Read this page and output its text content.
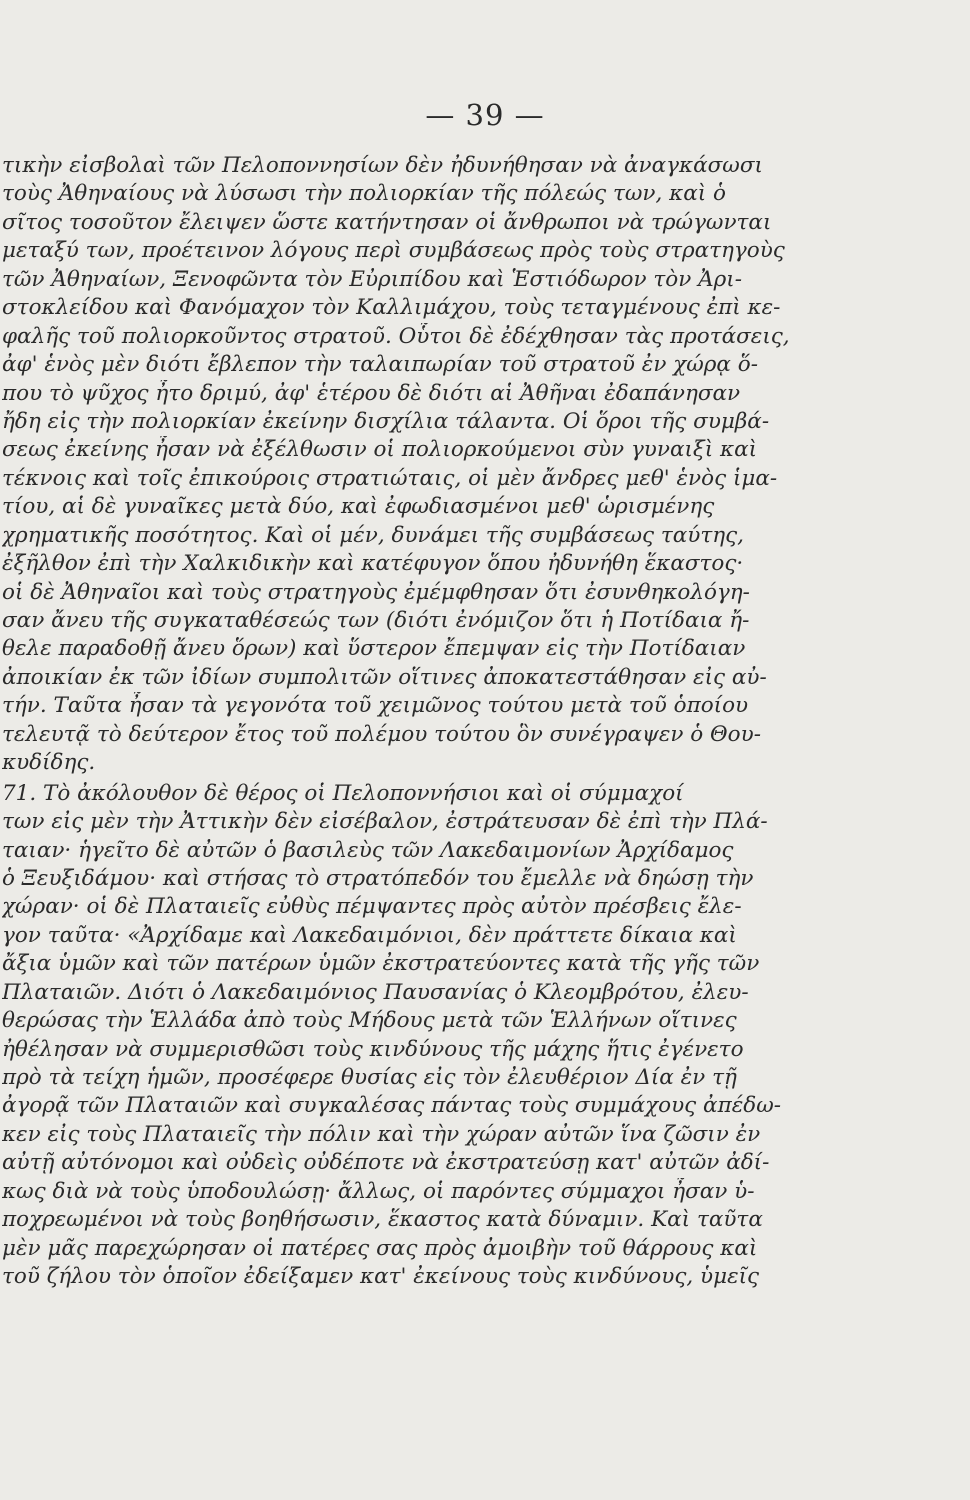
— 39 —
τικὴν εἰσβολαὶ τῶν Πελοποννησίων δὲν ἠδυνήθησαν νὰ ἀναγκάσωσι
τοὺς Ἀθηναίους νὰ λύσωσι τὴν πολιορκίαν τῆς πόλεώς των, καὶ ὁ
σῖτος τοσοῦτον ἔλειψεν ὥστε κατήντησαν οἱ ἄνθρωποι νὰ τρώγωνται
μεταξύ των, προέτεινον λόγους περὶ συμβάσεως πρὸς τοὺς στρατηγοὺς
τῶν Ἀθηναίων, Ξενοφῶντα τὸν Εὐριπίδου καὶ Ἑστιόδωρον τὸν Ἀρι-
στοκλείδου καὶ Φανόμαχον τὸν Καλλιμάχου, τοὺς τεταγμένους ἐπὶ κε-
φαλῆς τοῦ πολιορκοῦντος στρατοῦ. Οὗτοι δὲ ἐδέχθησαν τὰς προτάσεις,
ἀφ' ἑνὸς μὲν διότι ἔβλεπον τὴν ταλαιπωρίαν τοῦ στρατοῦ ἐν χώρᾳ ὅ-
που τὸ ψῦχος ἦτο δριμύ, ἀφ' ἑτέρου δὲ διότι αἱ Ἀθῆναι ἐδαπάνησαν
ἤδη εἰς τὴν πολιορκίαν ἐκείνην δισχίλια τάλαντα. Οἱ ὅροι τῆς συμβά-
σεως ἐκείνης ἦσαν νὰ ἐξέλθωσιν οἱ πολιορκούμενοι σὺν γυναιξὶ καὶ
τέκνοις καὶ τοῖς ἐπικούροις στρατιώταις, οἱ μὲν ἄνδρες μεθ' ἑνὸς ἱμα-
τίου, αἱ δὲ γυναῖκες μετὰ δύο, καὶ ἐφωδιασμένοι μεθ' ὡρισμένης
χρηματικῆς ποσότητος. Καὶ οἱ μέν, δυνάμει τῆς συμβάσεως ταύτης,
ἐξῆλθον ἐπὶ τὴν Χαλκιδικὴν καὶ κατέφυγον ὅπου ἠδυνήθη ἕκαστος·
οἱ δὲ Ἀθηναῖοι καὶ τοὺς στρατηγοὺς ἐμέμφθησαν ὅτι ἐσυνθηκολόγη-
σαν ἄνευ τῆς συγκαταθέσεώς των (διότι ἐνόμιζον ὅτι ἡ Ποτίδαια ἤ-
θελε παραδοθῇ ἄνευ ὅρων) καὶ ὕστερον ἔπεμψαν εἰς τὴν Ποτίδαιαν
ἀποικίαν ἐκ τῶν ἰδίων συμπολιτῶν οἵτινες ἀποκατεστάθησαν εἰς αὐ-
τήν. Ταῦτα ἦσαν τὰ γεγονότα τοῦ χειμῶνος τούτου μετὰ τοῦ ὁποίου
τελευτᾷ τὸ δεύτερον ἔτος τοῦ πολέμου τούτου ὃν συνέγραψεν ὁ Θου-
κυδίδης.
71. Τὸ ἀκόλουθον δὲ θέρος οἱ Πελοποννήσιοι καὶ οἱ σύμμαχοί
των εἰς μὲν τὴν Ἀττικὴν δὲν εἰσέβαλον, ἐστράτευσαν δὲ ἐπὶ τὴν Πλά-
ταιαν· ἡγεῖτο δὲ αὐτῶν ὁ βασιλεὺς τῶν Λακεδαιμονίων Ἀρχίδαμος
ὁ Ξευξιδάμου· καὶ στήσας τὸ στρατόπεδόν του ἔμελλε νὰ δηώσῃ τὴν
χώραν· οἱ δὲ Πλαταιεῖς εὐθὺς πέμψαντες πρὸς αὐτὸν πρέσβεις ἔλε-
γον ταῦτα· «Ἀρχίδαμε καὶ Λακεδαιμόνιοι, δὲν πράττετε δίκαια καὶ
ἄξια ὑμῶν καὶ τῶν πατέρων ὑμῶν ἐκστρατεύοντες κατὰ τῆς γῆς τῶν
Πλαταιῶν. Διότι ὁ Λακεδαιμόνιος Παυσανίας ὁ Κλεομβρότου, ἐλευ-
θερώσας τὴν Ἑλλάδα ἀπὸ τοὺς Μήδους μετὰ τῶν Ἑλλήνων οἵτινες
ἠθέλησαν νὰ συμμερισθῶσι τοὺς κινδύνους τῆς μάχης ἥτις ἐγένετο
πρὸ τὰ τείχη ἡμῶν, προσέφερε θυσίας εἰς τὸν ἐλευθέριον Δία ἐν τῇ
ἀγορᾷ τῶν Πλαταιῶν καὶ συγκαλέσας πάντας τοὺς συμμάχους ἀπέδω-
κεν εἰς τοὺς Πλαταιεῖς τὴν πόλιν καὶ τὴν χώραν αὐτῶν ἵνα ζῶσιν ἐν
αὐτῇ αὐτόνομοι καὶ οὐδεὶς οὐδέποτε νὰ ἐκστρατεύσῃ κατ' αὐτῶν ἀδί-
κως διὰ νὰ τοὺς ὑποδουλώσῃ· ἄλλως, οἱ παρόντες σύμμαχοι ἦσαν ὑ-
ποχρεωμένοι νὰ τοὺς βοηθήσωσιν, ἕκαστος κατὰ δύναμιν. Καὶ ταῦτα
μὲν μᾶς παρεχώρησαν οἱ πατέρες σας πρὸς ἀμοιβὴν τοῦ θάρρους καὶ
τοῦ ζήλου τὸν ὁποῖον ἐδείξαμεν κατ' ἐκείνους τοὺς κινδύνους, ὑμεῖς
